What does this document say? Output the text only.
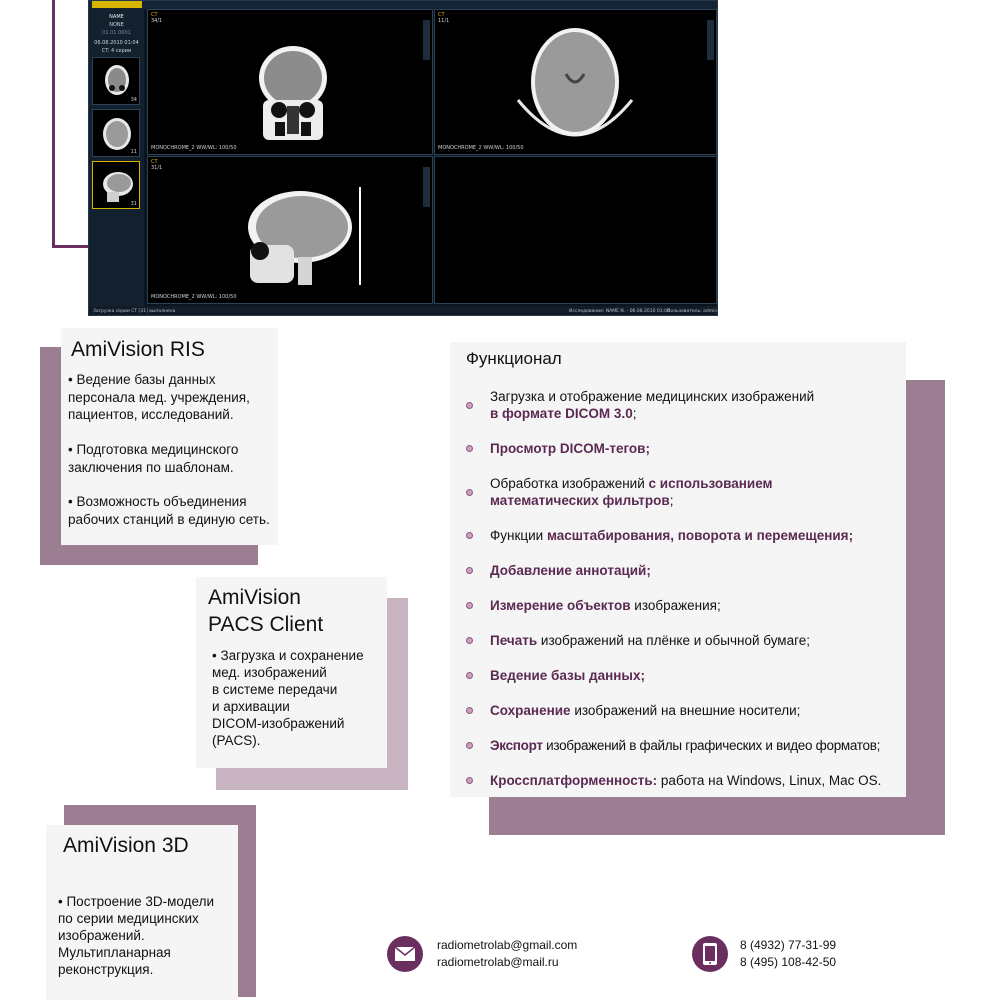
NAME
NONE
01.01.0001
06.08.2010 01:04
CT: 4 серии
34
11
31
CT
34/1
MONOCHROME_2 WW/WL: 100/50
CT
11/1
MONOCHROME_2 WW/WL: 100/50
CT
31/1
MONOCHROME_2 WW/WL: 100/50
Загрузка серии CT [31] выполнена	Исследование: NAME N. - 06.08.2010 01:04
Пользователь: admin
AmiVision RIS
• Ведение базы данных персонала мед. учреждения, пациентов, исследований.
• Подготовка медицинского заключения по шаблонам.
• Возможность объединения рабочих станций в единую сеть.
AmiVision
PACS Client
• Загрузка и сохранение
мед. изображений
в системе передачи
и архивации
DICOM-изображений
(PACS).
AmiVision 3D
• Построение 3D-модели
по серии медицинских
изображений.
Мультипланарная
реконструкция.
Функционал
Загрузка и отображение медицинских изображений
в формате DICOM 3.0;
Просмотр DICOM-тегов;
Обработка изображений с использованием математических фильтров;
Функции масштабирования, поворота и перемещения;
Добавление аннотаций;
Измерение объектов изображения;
Печать изображений на плёнке и обычной бумаге;
Ведение базы данных;
Сохранение изображений на внешние носители;
Экспорт изображений в файлы графических и видео форматов;
Кроссплатформенность: работа на Windows, Linux, Mac OS.
radiometrolab@gmail.com
radiometrolab@mail.ru
8 (4932) 77-31-99
8 (495) 108-42-50
